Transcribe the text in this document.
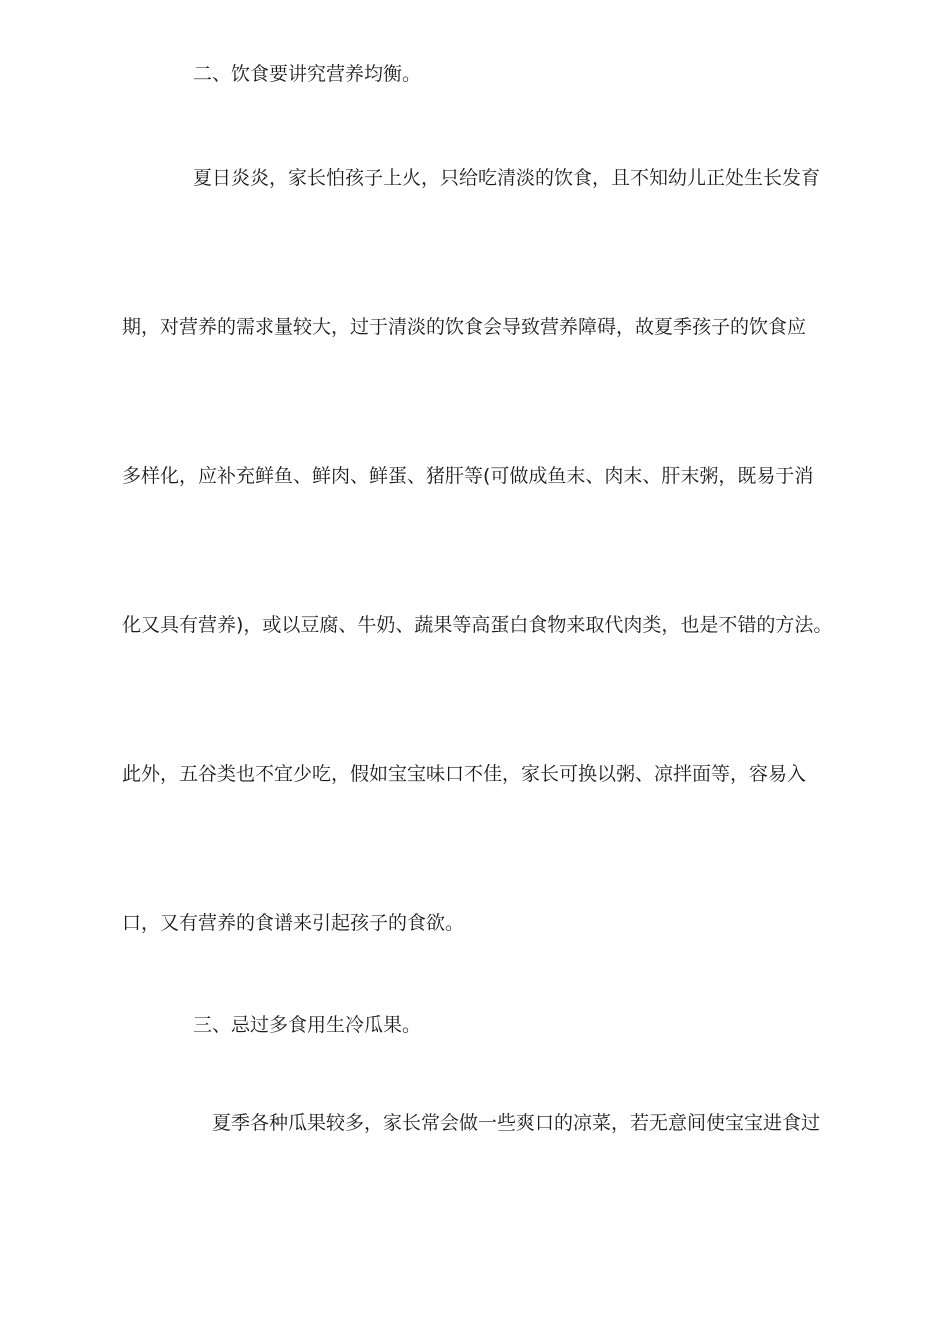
二、饮食要讲究营养均衡。
夏日炎炎，家长怕孩子上火，只给吃清淡的饮食，且不知幼儿正处生长发育
期，对营养的需求量较大，过于清淡的饮食会导致营养障碍，故夏季孩子的饮食应
多样化，应补充鲜鱼、鲜肉、鲜蛋、猪肝等(可做成鱼末、肉末、肝末粥，既易于消
化又具有营养)，或以豆腐、牛奶、蔬果等高蛋白食物来取代肉类，也是不错的方法。
此外，五谷类也不宜少吃，假如宝宝味口不佳，家长可换以粥、凉拌面等，容易入
口，又有营养的食谱来引起孩子的食欲。
三、忌过多食用生冷瓜果。
夏季各种瓜果较多，家长常会做一些爽口的凉菜，若无意间使宝宝进食过
